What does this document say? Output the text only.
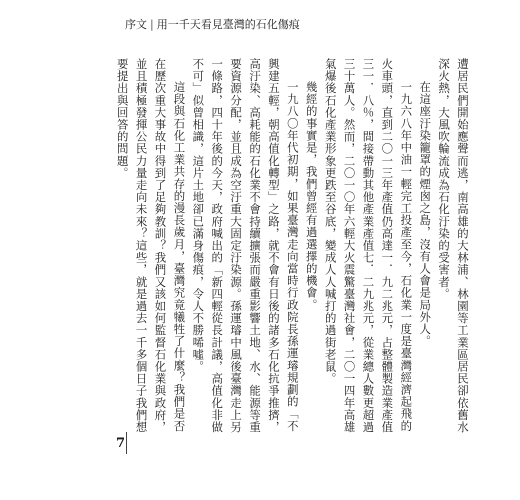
序文 | 用一千天看見臺灣的石化傷痕

遭居民們開始應聲而逃，南高雄的大林浦、林園等工業區居民卻依舊水深火熱，大風吹輪流成為石化汙染的受害者。

在這座汙染籠罩的煙囪之島，沒有人會是局外人。

一九六八年中油一輕完工投產至今，石化業一度是臺灣經濟起飛的火車頭，直到二〇一三年產值仍高達一．九二兆元，占整體製造業產值三一．八％，間接帶動其他產業產值七．二九兆元，從業總人數更超過三十萬人。然而，二〇一〇年六輕大火震驚臺灣社會，二〇一四年高雄氣爆後石化產業形象更跌至谷底，變成人人喊打的過街老鼠。

幾經的事實是，我們曾經有過選擇的機會。

一九八〇年代初期，如果臺灣走向當時行政院長孫運璿規劃的「不興建五輕，朝高值化轉型」之路，就不會有日後的諸多石化抗爭推擠，高汙染、高耗能的石化業不會持續擴張而嚴重影響土地、水、能源等重要資源分配，並且成為空汙重大固定汙染源。孫運璿中風後臺灣走上另一條路，四十年後的今天，政府喊出的「新四輕從長計議，高值化非做不可」似曾相識，這片土地卻已滿身傷痕，令人不勝唏噓。

這段與石化工業共存的漫長歲月，臺灣究竟犧牲了什麼？我們是否在歷次重大事故中得到了足夠教訓？我們又該如何監督石化業與政府，並且積極發揮公民力量走向未來？這些，就是過去一千多個日子我們想要提出與回答的問題。

7
